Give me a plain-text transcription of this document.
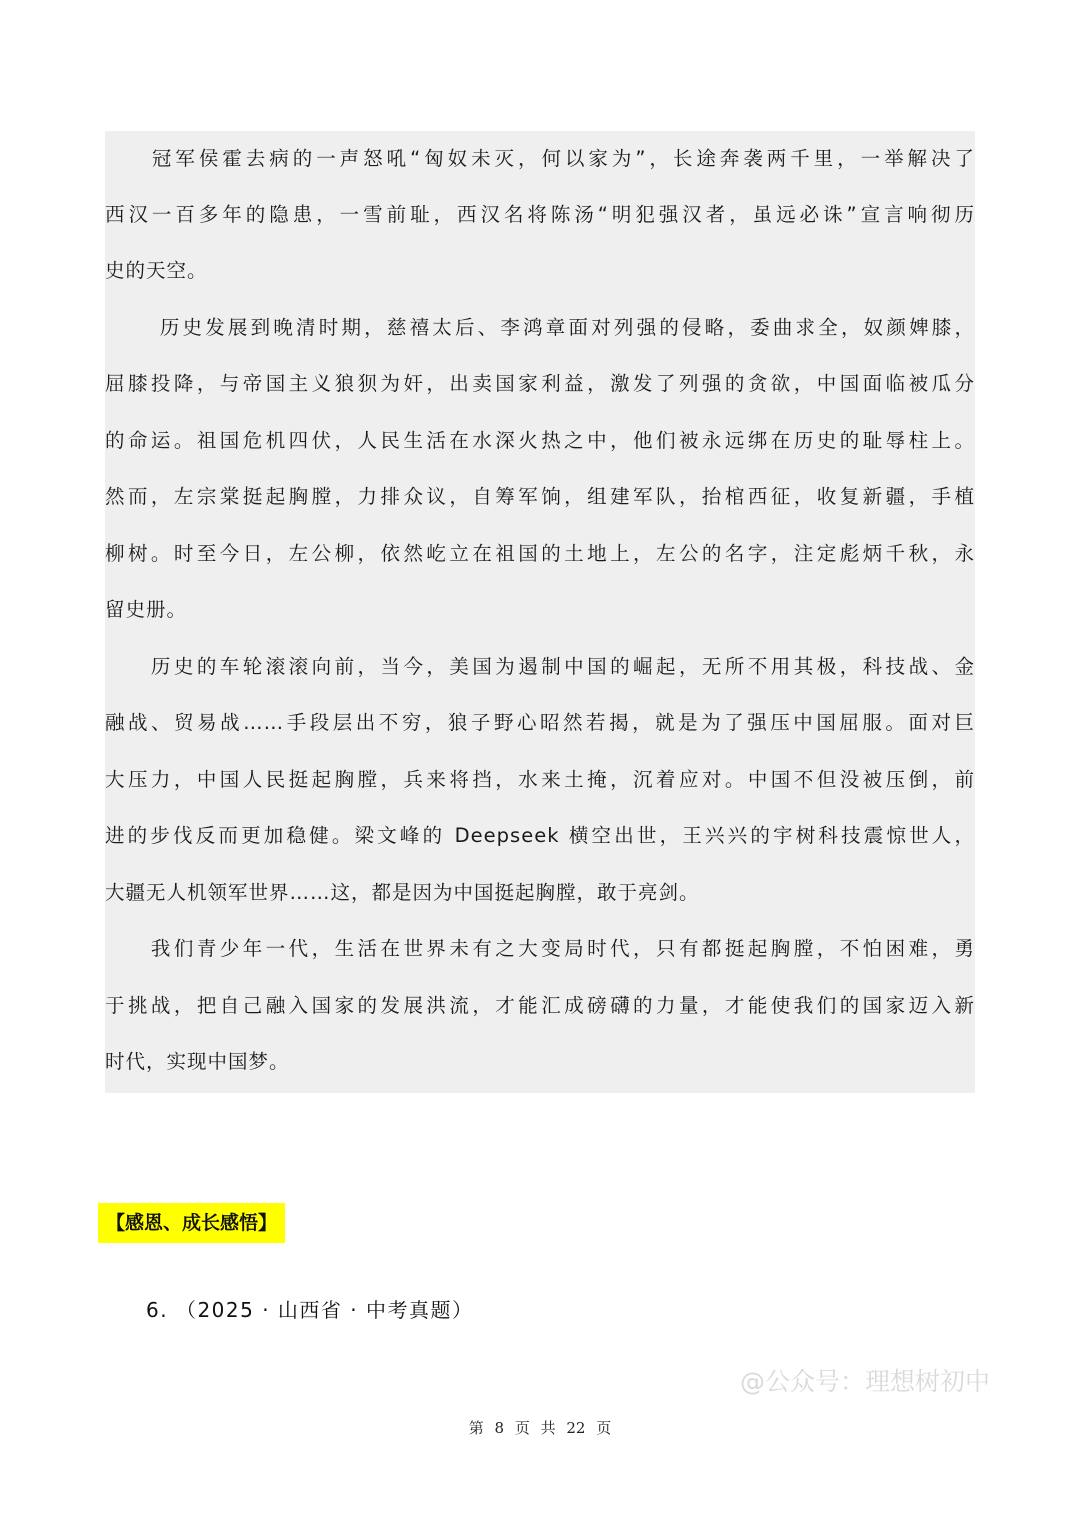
　　冠军侯霍去病的一声怒吼“匈奴未灭，何以家为”，长途奔袭两千里，一举解决了
西汉一百多年的隐患，一雪前耻，西汉名将陈汤“明犯强汉者，虽远必诛”宣言响彻历
史的天空。
　　 历史发展到晚清时期，慈禧太后、李鸿章面对列强的侵略，委曲求全，奴颜婢膝，
屈膝投降，与帝国主义狼狈为奸，出卖国家利益，激发了列强的贪欲，中国面临被瓜分
的命运。祖国危机四伏，人民生活在水深火热之中，他们被永远绑在历史的耻辱柱上。
然而，左宗棠挺起胸膛，力排众议，自筹军饷，组建军队，抬棺西征，收复新疆，手植
柳树。时至今日，左公柳，依然屹立在祖国的土地上，左公的名字，注定彪炳千秋，永
留史册。
　　历史的车轮滚滚向前，当今，美国为遏制中国的崛起，无所不用其极，科技战、金
融战、贸易战……手段层出不穷，狼子野心昭然若揭，就是为了强压中国屈服。面对巨
大压力，中国人民挺起胸膛，兵来将挡，水来土掩，沉着应对。中国不但没被压倒，前
进的步伐反而更加稳健。梁文峰的 Deepseek 横空出世，王兴兴的宇树科技震惊世人，
大疆无人机领军世界……这，都是因为中国挺起胸膛，敢于亮剑。
　　我们青少年一代，生活在世界未有之大变局时代，只有都挺起胸膛，不怕困难，勇
于挑战，把自己融入国家的发展洪流，才能汇成磅礴的力量，才能使我们的国家迈入新
时代，实现中国梦。
【感恩、成长感悟】
6. （2025 · 山西省 · 中考真题）
@公众号：理想树初中
第 8 页 共 22 页
